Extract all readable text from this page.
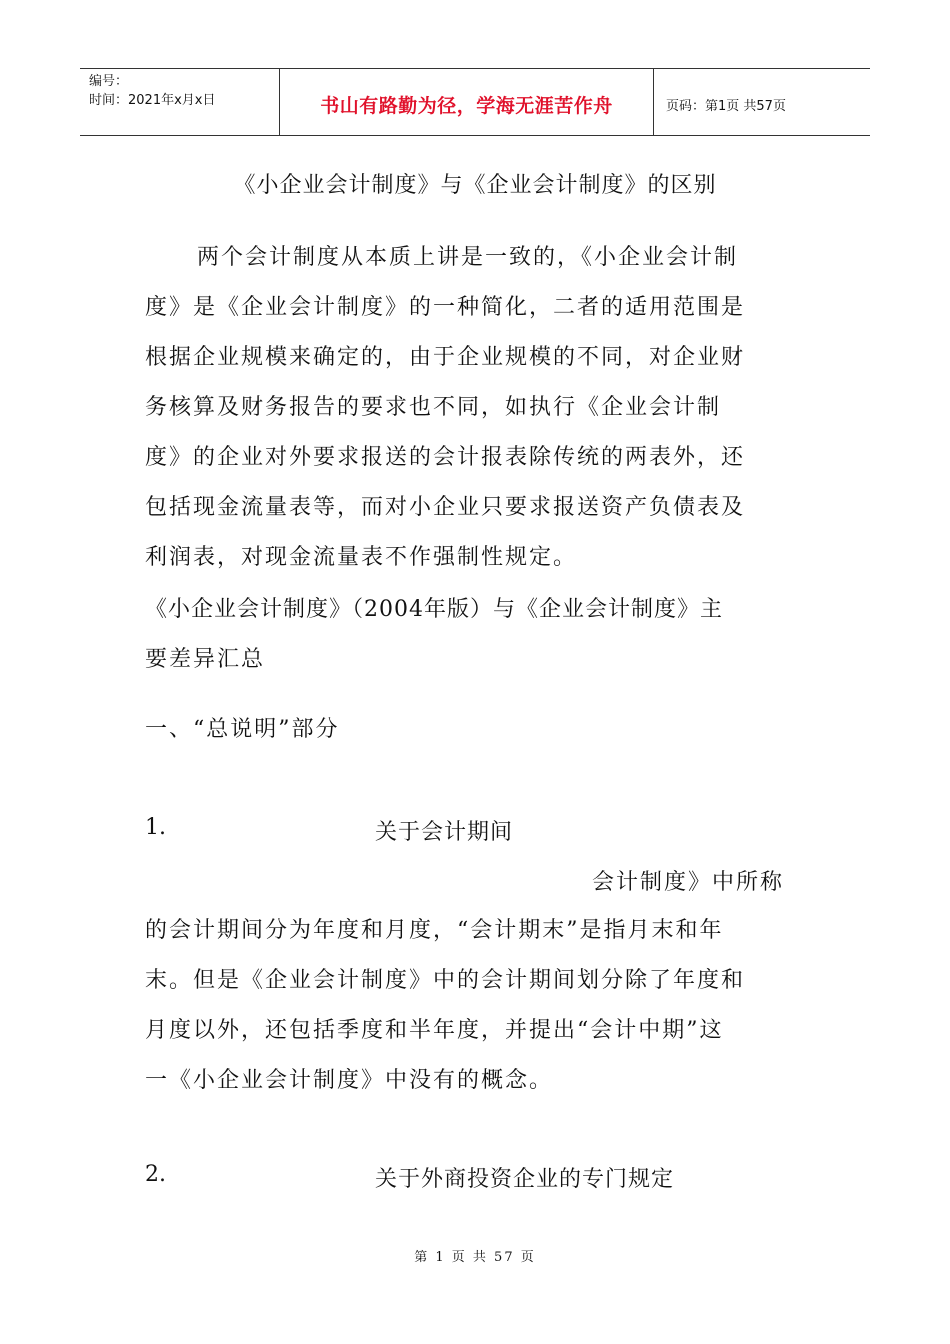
编号：
时间：2021年x月x日	书山有路勤为径，学海无涯苦作舟	页码：第1页 共57页
《小企业会计制度》与《企业会计制度》的区别
两个会计制度从本质上讲是一致的，《小企业会计制
度》是《企业会计制度》的一种简化，二者的适用范围是
根据企业规模来确定的，由于企业规模的不同，对企业财
务核算及财务报告的要求也不同，如执行《企业会计制
度》的企业对外要求报送的会计报表除传统的两表外，还
包括现金流量表等，而对小企业只要求报送资产负债表及
利润表，对现金流量表不作强制性规定。
《小企业会计制度》（2004年版）与《企业会计制度》主
要差异汇总
一、“总说明”部分
1.	关于会计期间
会计制度》中所称
的会计期间分为年度和月度，“会计期末”是指月末和年
末。但是《企业会计制度》中的会计期间划分除了年度和
月度以外，还包括季度和半年度，并提出“会计中期”这
一《小企业会计制度》中没有的概念。
2.	关于外商投资企业的专门规定
第 1 页 共 57 页
